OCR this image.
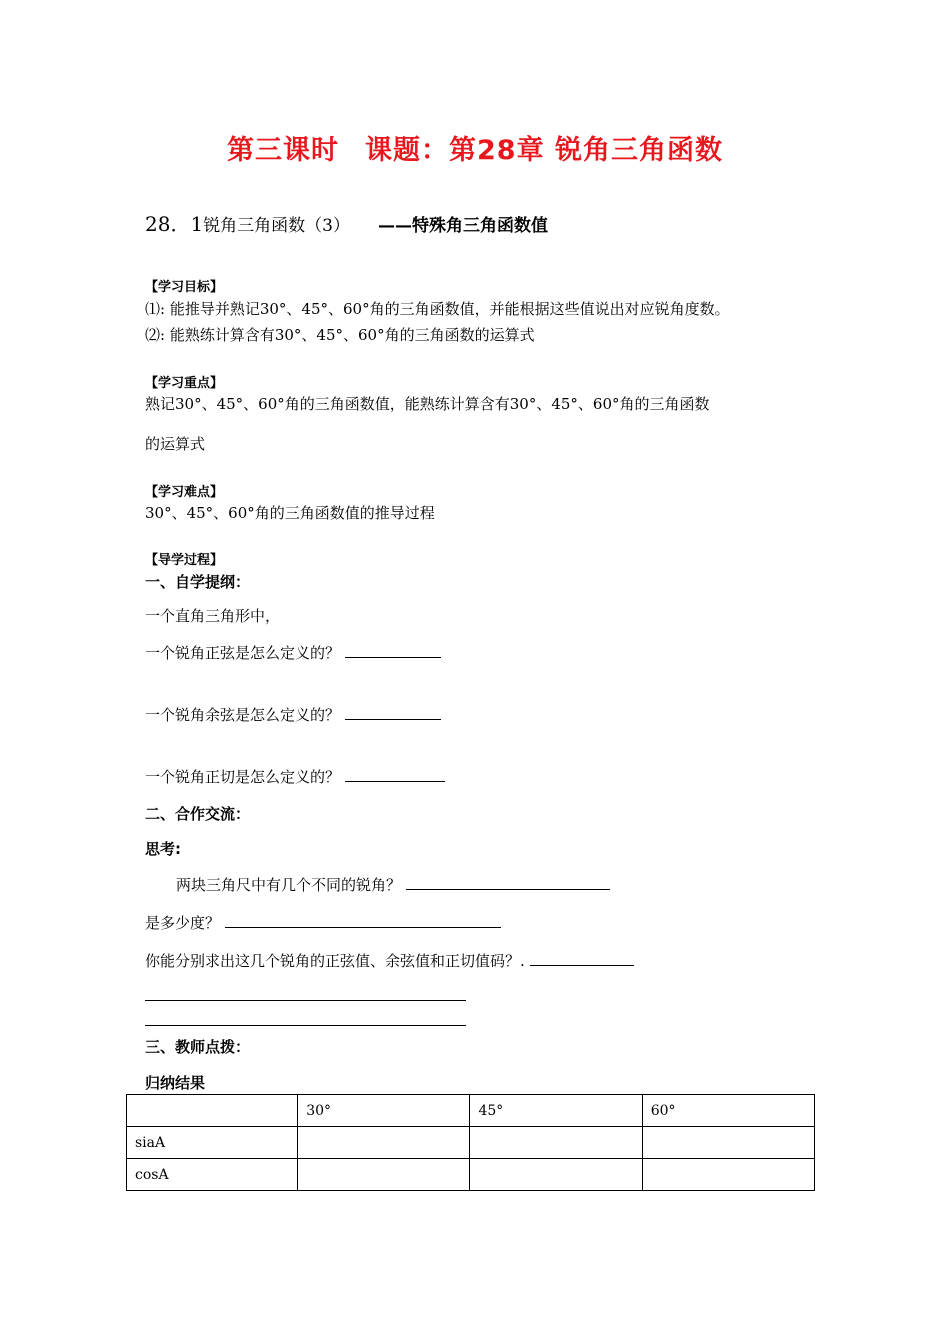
第三课时 课题：第28章 锐角三角函数
28．1锐角三角函数（3） ——特殊角三角函数值
【学习目标】
⑴: 能推导并熟记30°、45°、60°角的三角函数值，并能根据这些值说出对应锐角度数。
⑵: 能熟练计算含有30°、45°、60°角的三角函数的运算式
【学习重点】
熟记30°、45°、60°角的三角函数值，能熟练计算含有30°、45°、60°角的三角函数
的运算式
【学习难点】
30°、45°、60°角的三角函数值的推导过程
【导学过程】
一、自学提纲：
一个直角三角形中，
一个锐角正弦是怎么定义的？
一个锐角余弦是怎么定义的？
一个锐角正切是怎么定义的？
二、合作交流：
思考:
两块三角尺中有几个不同的锐角？
是多少度？
你能分别求出这几个锐角的正弦值、余弦值和正切值码？.
三、教师点拨：
归纳结果
	30°	45°	60°
siaA			
cosA			
